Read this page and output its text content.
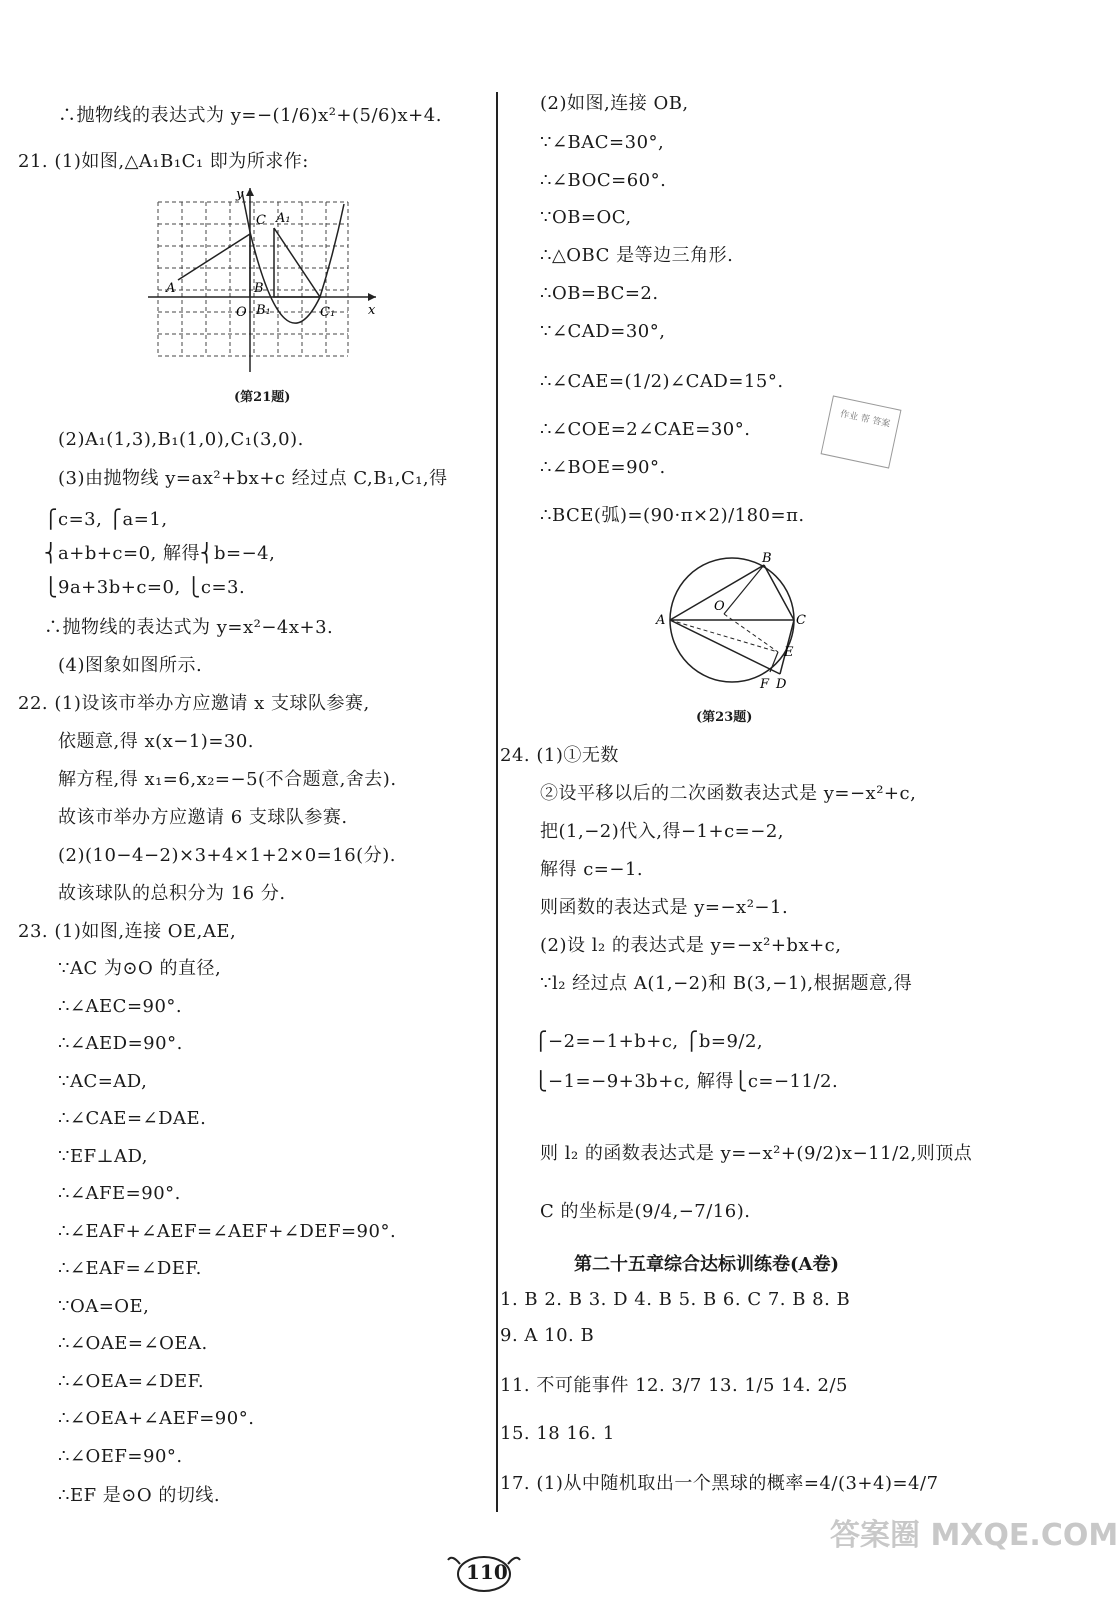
∴抛物线的表达式为 y=−(1/6)x²+(5/6)x+4.
21. (1)如图,△A₁B₁C₁ 即为所求作:
y
C A₁
A	B
O B₁	C₁	x
(第21题)
(2)A₁(1,3),B₁(1,0),C₁(3,0).
(3)由抛物线 y=ax²+bx+c 经过点 C,B₁,C₁,得
⎧c=3, ⎧a=1,
⎨a+b+c=0, 解得⎨b=−4,
⎩9a+3b+c=0, ⎩c=3.
∴抛物线的表达式为 y=x²−4x+3.
(4)图象如图所示.
22. (1)设该市举办方应邀请 x 支球队参赛,
依题意,得 x(x−1)=30.
解方程,得 x₁=6,x₂=−5(不合题意,舍去).
故该市举办方应邀请 6 支球队参赛.
(2)(10−4−2)×3+4×1+2×0=16(分).
故该球队的总积分为 16 分.
23. (1)如图,连接 OE,AE,
∵AC 为⊙O 的直径,
∴∠AEC=90°.
∴∠AED=90°.
∵AC=AD,
∴∠CAE=∠DAE.
∵EF⊥AD,
∴∠AFE=90°.
∴∠EAF+∠AEF=∠AEF+∠DEF=90°.
∴∠EAF=∠DEF.
∵OA=OE,
∴∠OAE=∠OEA.
∴∠OEA=∠DEF.
∴∠OEA+∠AEF=90°.
∴∠OEF=90°.
∴EF 是⊙O 的切线.
(2)如图,连接 OB,
∵∠BAC=30°,
∴∠BOC=60°.
∵OB=OC,
∴△OBC 是等边三角形.
∴OB=BC=2.
∵∠CAD=30°,
∴∠CAE=(1/2)∠CAD=15°.
∴∠COE=2∠CAE=30°.
∴∠BOE=90°.
∴BCE(弧)=(90·π×2)/180=π.
B
O
A	C
E
F D
(第23题)
24. (1)①无数
②设平移以后的二次函数表达式是 y=−x²+c,
把(1,−2)代入,得−1+c=−2,
解得 c=−1.
则函数的表达式是 y=−x²−1.
(2)设 l₂ 的表达式是 y=−x²+bx+c,
∵l₂ 经过点 A(1,−2)和 B(3,−1),根据题意,得
⎧−2=−1+b+c, ⎧b=9/2,
⎩−1=−9+3b+c, 解得⎩c=−11/2.
则 l₂ 的函数表达式是 y=−x²+(9/2)x−11/2,则顶点
C 的坐标是(9/4,−7/16).
第二十五章综合达标训练卷(A卷)
1. B 2. B 3. D 4. B 5. B 6. C 7. B 8. B
9. A 10. B
11. 不可能事件 12. 3/7 13. 1/5 14. 2/5
15. 18 16. 1
17. (1)从中随机取出一个黑球的概率=4/(3+4)=4/7
作业 帮 答案
110
答案圈 MXQE.COM
